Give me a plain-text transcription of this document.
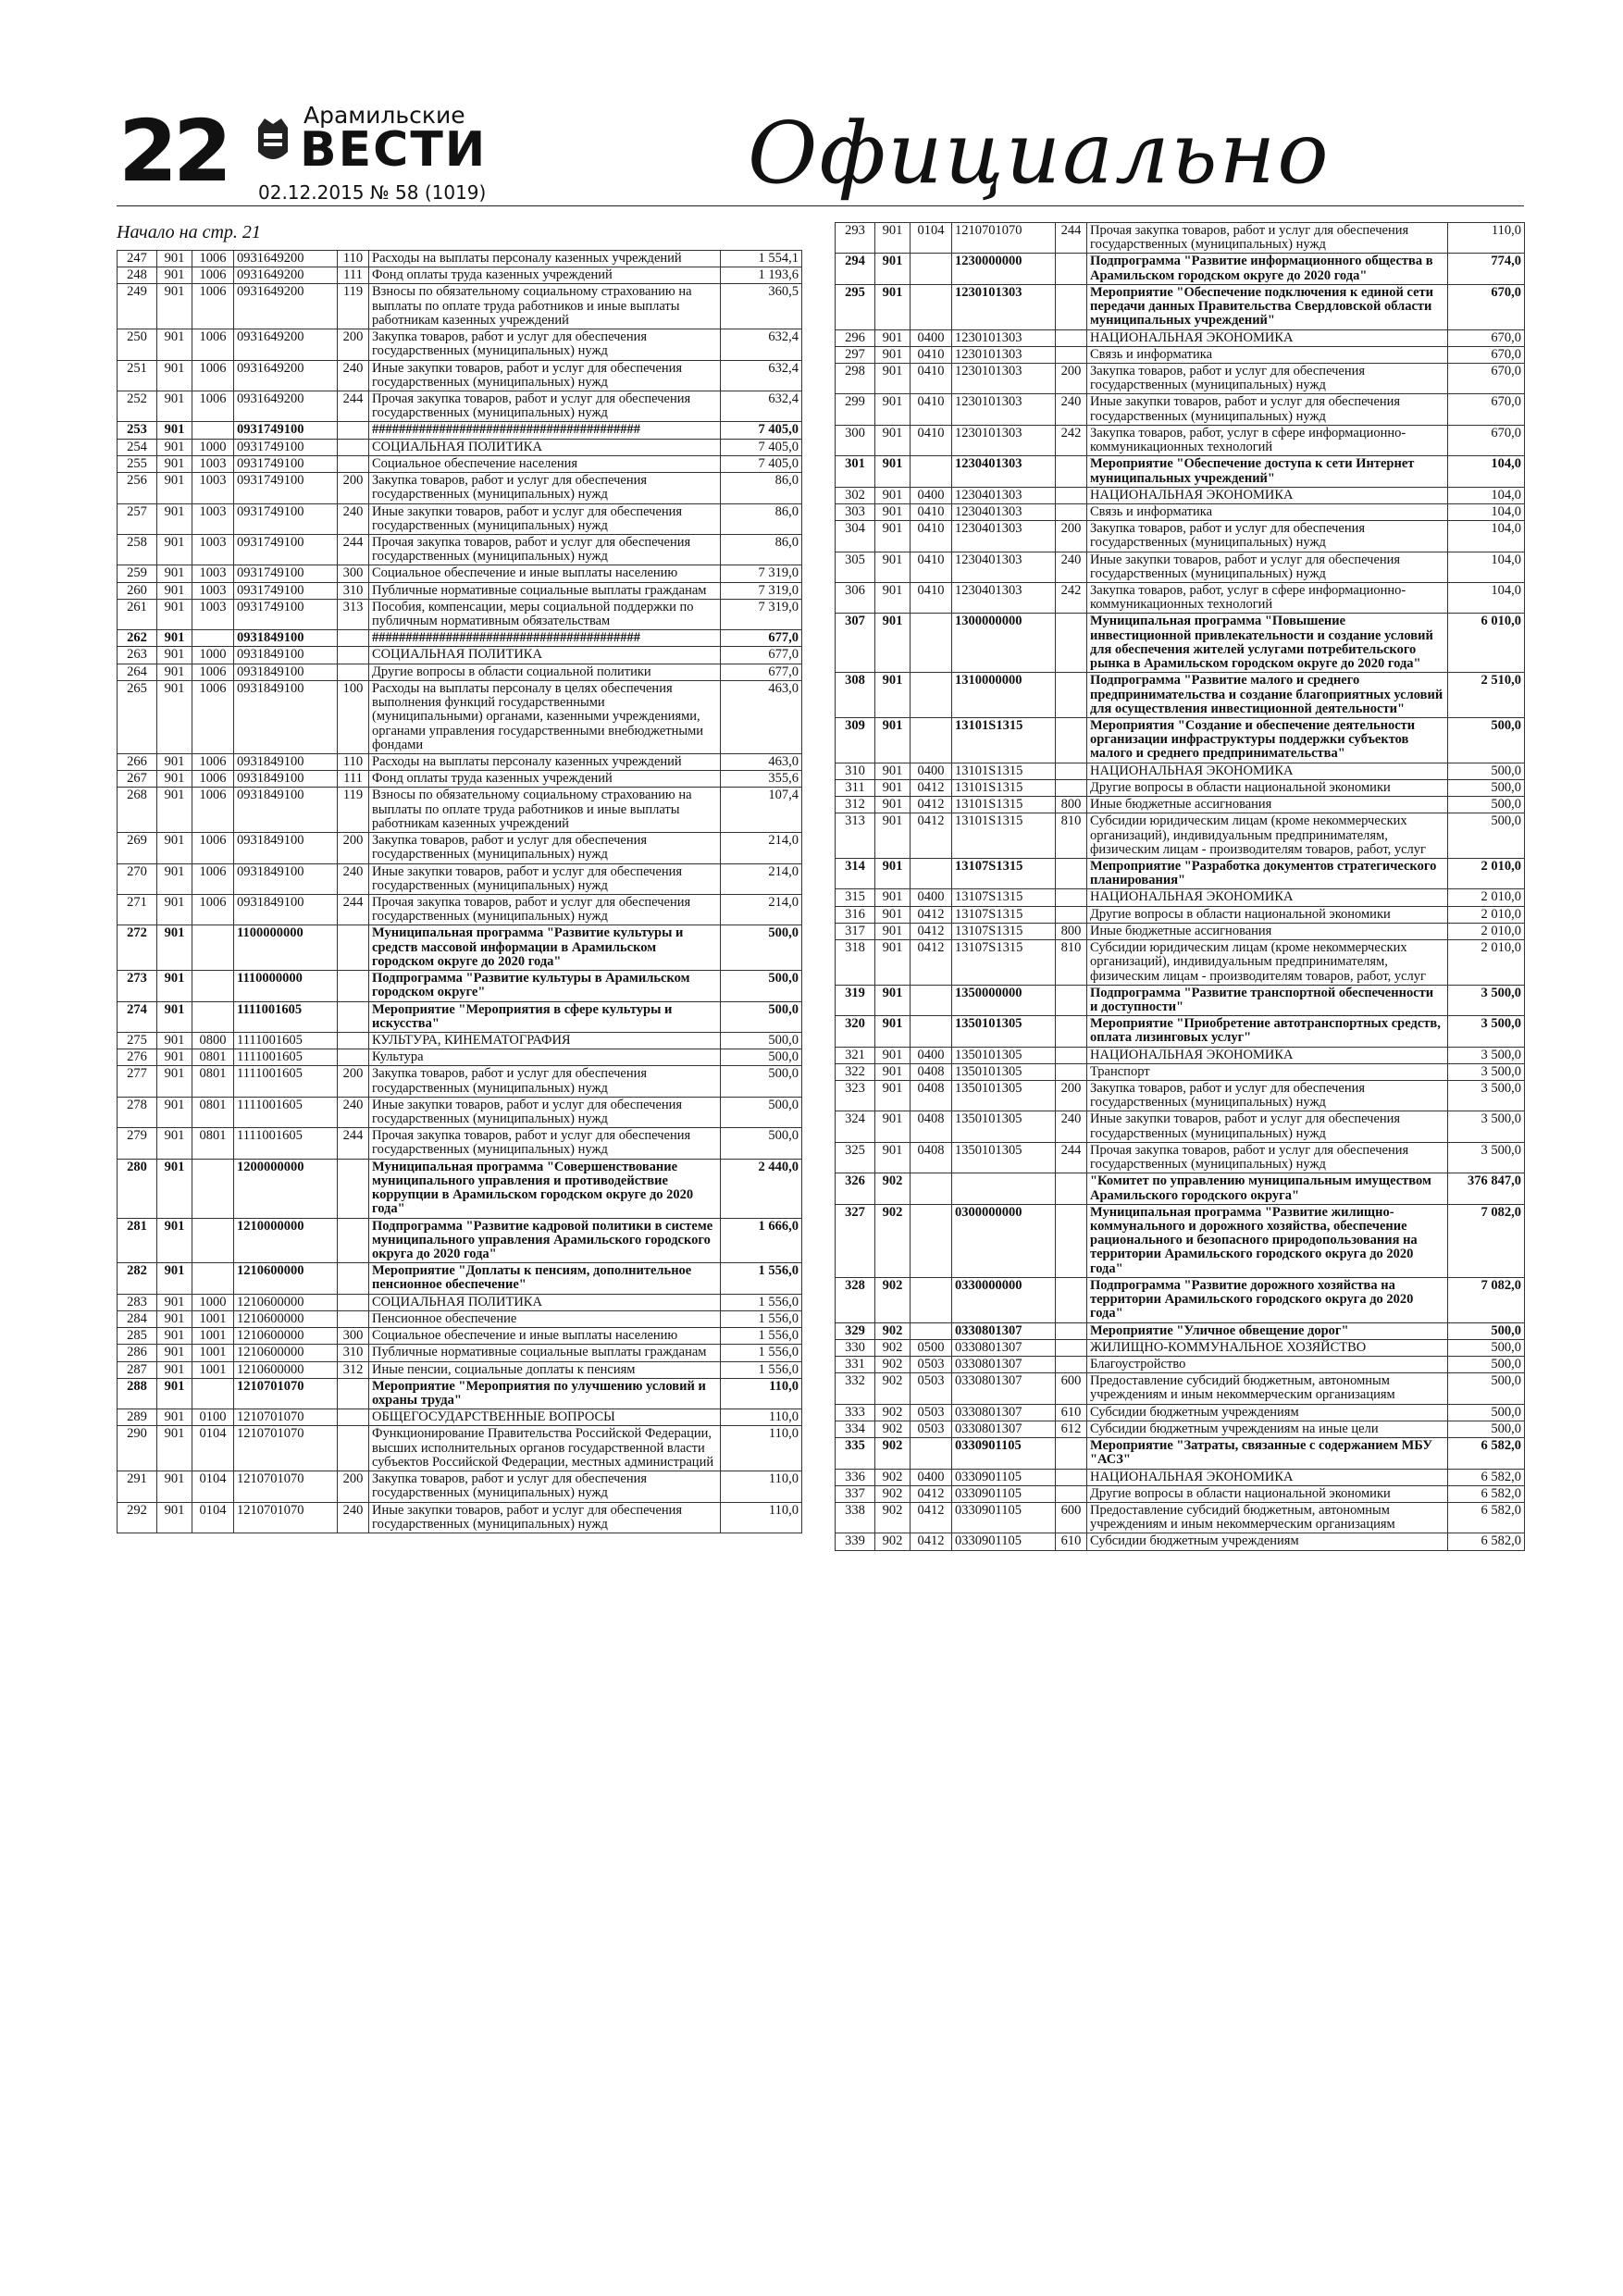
22	Арамильские
ВЕСТИ
02.12.2015 № 58 (1019)	Официально
Начало на стр. 21
247	901	1006	0931649200	110	Расходы на выплаты персоналу казенных учреждений	1 554,1
248	901	1006	0931649200	111	Фонд оплаты труда казенных учреждений	1 193,6
249	901	1006	0931649200	119	Взносы по обязательному социальному страхованию на выплаты по оплате труда работников и иные выплаты работникам казенных учреждений	360,5
250	901	1006	0931649200	200	Закупка товаров, работ и услуг для обеспечения государственных (муниципальных) нужд	632,4
251	901	1006	0931649200	240	Иные закупки товаров, работ и услуг для обеспечения государственных (муниципальных) нужд	632,4
252	901	1006	0931649200	244	Прочая закупка товаров, работ и услуг для обеспечения государственных (муниципальных) нужд	632,4
253	901		0931749100		########################################	7 405,0
254	901	1000	0931749100		СОЦИАЛЬНАЯ ПОЛИТИКА	7 405,0
255	901	1003	0931749100		Социальное обеспечение населения	7 405,0
256	901	1003	0931749100	200	Закупка товаров, работ и услуг для обеспечения государственных (муниципальных) нужд	86,0
257	901	1003	0931749100	240	Иные закупки товаров, работ и услуг для обеспечения государственных (муниципальных) нужд	86,0
258	901	1003	0931749100	244	Прочая закупка товаров, работ и услуг для обеспечения государственных (муниципальных) нужд	86,0
259	901	1003	0931749100	300	Социальное обеспечение и иные выплаты населению	7 319,0
260	901	1003	0931749100	310	Публичные нормативные социальные выплаты гражданам	7 319,0
261	901	1003	0931749100	313	Пособия, компенсации, меры социальной поддержки по публичным нормативным обязательствам	7 319,0
262	901		0931849100		########################################	677,0
263	901	1000	0931849100		СОЦИАЛЬНАЯ ПОЛИТИКА	677,0
264	901	1006	0931849100		Другие вопросы в области социальной политики	677,0
265	901	1006	0931849100	100	Расходы на выплаты персоналу в целях обеспечения выполнения функций государственными (муниципальными) органами, казенными учреждениями, органами управления государственными внебюджетными фондами	463,0
266	901	1006	0931849100	110	Расходы на выплаты персоналу казенных учреждений	463,0
267	901	1006	0931849100	111	Фонд оплаты труда казенных учреждений	355,6
268	901	1006	0931849100	119	Взносы по обязательному социальному страхованию на выплаты по оплате труда работников и иные выплаты работникам казенных учреждений	107,4
269	901	1006	0931849100	200	Закупка товаров, работ и услуг для обеспечения государственных (муниципальных) нужд	214,0
270	901	1006	0931849100	240	Иные закупки товаров, работ и услуг для обеспечения государственных (муниципальных) нужд	214,0
271	901	1006	0931849100	244	Прочая закупка товаров, работ и услуг для обеспечения государственных (муниципальных) нужд	214,0
272	901		1100000000		Муниципальная программа "Развитие культуры и средств массовой информации в Арамильском городском округе до 2020 года"	500,0
273	901		1110000000		Подпрограмма "Развитие культуры в Арамильском городском округе"	500,0
274	901		1111001605		Мероприятие "Мероприятия в сфере культуры и искусства"	500,0
275	901	0800	1111001605		КУЛЬТУРА, КИНЕМАТОГРАФИЯ	500,0
276	901	0801	1111001605		Культура	500,0
277	901	0801	1111001605	200	Закупка товаров, работ и услуг для обеспечения государственных (муниципальных) нужд	500,0
278	901	0801	1111001605	240	Иные закупки товаров, работ и услуг для обеспечения государственных (муниципальных) нужд	500,0
279	901	0801	1111001605	244	Прочая закупка товаров, работ и услуг для обеспечения государственных (муниципальных) нужд	500,0
280	901		1200000000		Муниципальная программа "Совершенствование муниципального управления и противодействие коррупции в Арамильском городском округе до 2020 года"	2 440,0
281	901		1210000000		Подпрограмма "Развитие кадровой политики в системе муниципального управления Арамильского городского округа до 2020 года"	1 666,0
282	901		1210600000		Мероприятие "Доплаты к пенсиям, дополнительное пенсионное обеспечение"	1 556,0
283	901	1000	1210600000		СОЦИАЛЬНАЯ ПОЛИТИКА	1 556,0
284	901	1001	1210600000		Пенсионное обеспечение	1 556,0
285	901	1001	1210600000	300	Социальное обеспечение и иные выплаты населению	1 556,0
286	901	1001	1210600000	310	Публичные нормативные социальные выплаты гражданам	1 556,0
287	901	1001	1210600000	312	Иные пенсии, социальные доплаты к пенсиям	1 556,0
288	901		1210701070		Мероприятие "Мероприятия по улучшению условий и охраны труда"	110,0
289	901	0100	1210701070		ОБЩЕГОСУДАРСТВЕННЫЕ ВОПРОСЫ	110,0
290	901	0104	1210701070		Функционирование Правительства Российской Федерации, высших исполнительных органов государственной власти субъектов Российской Федерации, местных администраций	110,0
291	901	0104	1210701070	200	Закупка товаров, работ и услуг для обеспечения государственных (муниципальных) нужд	110,0
292	901	0104	1210701070	240	Иные закупки товаров, работ и услуг для обеспечения государственных (муниципальных) нужд	110,0
293	901	0104	1210701070	244	Прочая закупка товаров, работ и услуг для обеспечения государственных (муниципальных) нужд	110,0
294	901		1230000000		Подпрограмма "Развитие информационного общества в Арамильском городском округе до 2020 года"	774,0
295	901		1230101303		Мероприятие "Обеспечение подключения к единой сети передачи данных Правительства Свердловской области муниципальных учреждений"	670,0
296	901	0400	1230101303		НАЦИОНАЛЬНАЯ ЭКОНОМИКА	670,0
297	901	0410	1230101303		Связь и информатика	670,0
298	901	0410	1230101303	200	Закупка товаров, работ и услуг для обеспечения государственных (муниципальных) нужд	670,0
299	901	0410	1230101303	240	Иные закупки товаров, работ и услуг для обеспечения государственных (муниципальных) нужд	670,0
300	901	0410	1230101303	242	Закупка товаров, работ, услуг в сфере информационно-коммуникационных технологий	670,0
301	901		1230401303		Мероприятие "Обеспечение доступа к сети Интернет муниципальных учреждений"	104,0
302	901	0400	1230401303		НАЦИОНАЛЬНАЯ ЭКОНОМИКА	104,0
303	901	0410	1230401303		Связь и информатика	104,0
304	901	0410	1230401303	200	Закупка товаров, работ и услуг для обеспечения государственных (муниципальных) нужд	104,0
305	901	0410	1230401303	240	Иные закупки товаров, работ и услуг для обеспечения государственных (муниципальных) нужд	104,0
306	901	0410	1230401303	242	Закупка товаров, работ, услуг в сфере информационно-коммуникационных технологий	104,0
307	901		1300000000		Муниципальная программа "Повышение инвестиционной привлекательности и создание условий для обеспечения жителей услугами потребительского рынка в Арамильском городском округе до 2020 года"	6 010,0
308	901		1310000000		Подпрограмма "Развитие малого и среднего предпринимательства и создание благоприятных условий для осуществления инвестиционной деятельности"	2 510,0
309	901		13101S1315		Мероприятия "Создание и обеспечение деятельности организации инфраструктуры поддержки субъектов малого и среднего предпринимательства"	500,0
310	901	0400	13101S1315		НАЦИОНАЛЬНАЯ ЭКОНОМИКА	500,0
311	901	0412	13101S1315		Другие вопросы в области национальной экономики	500,0
312	901	0412	13101S1315	800	Иные бюджетные ассигнования	500,0
313	901	0412	13101S1315	810	Субсидии юридическим лицам (кроме некоммерческих организаций), индивидуальным предпринимателям, физическим лицам - производителям товаров, работ, услуг	500,0
314	901		13107S1315		Мепроприятие "Разработка документов стратегического планирования"	2 010,0
315	901	0400	13107S1315		НАЦИОНАЛЬНАЯ ЭКОНОМИКА	2 010,0
316	901	0412	13107S1315		Другие вопросы в области национальной экономики	2 010,0
317	901	0412	13107S1315	800	Иные бюджетные ассигнования	2 010,0
318	901	0412	13107S1315	810	Субсидии юридическим лицам (кроме некоммерческих организаций), индивидуальным предпринимателям, физическим лицам - производителям товаров, работ, услуг	2 010,0
319	901		1350000000		Подпрограмма "Развитие транспортной обеспеченности и доступности"	3 500,0
320	901		1350101305		Мероприятие "Приобретение автотранспортных средств, оплата лизинговых услуг"	3 500,0
321	901	0400	1350101305		НАЦИОНАЛЬНАЯ ЭКОНОМИКА	3 500,0
322	901	0408	1350101305		Транспорт	3 500,0
323	901	0408	1350101305	200	Закупка товаров, работ и услуг для обеспечения государственных (муниципальных) нужд	3 500,0
324	901	0408	1350101305	240	Иные закупки товаров, работ и услуг для обеспечения государственных (муниципальных) нужд	3 500,0
325	901	0408	1350101305	244	Прочая закупка товаров, работ и услуг для обеспечения государственных (муниципальных) нужд	3 500,0
326	902				"Комитет по управлению муниципальным имуществом Арамильского городского округа"	376 847,0
327	902		0300000000		Муниципальная программа "Развитие жилищно-коммунального и дорожного хозяйства, обеспечение рационального и безопасного природопользования на территории Арамильского городского округа до 2020 года"	7 082,0
328	902		0330000000		Подпрограмма "Развитие дорожного хозяйства на территории Арамильского городского округа до 2020 года"	7 082,0
329	902		0330801307		Мероприятие "Уличное обвещение дорог"	500,0
330	902	0500	0330801307		ЖИЛИЩНО-КОММУНАЛЬНОЕ ХОЗЯЙСТВО	500,0
331	902	0503	0330801307		Благоустройство	500,0
332	902	0503	0330801307	600	Предоставление субсидий бюджетным, автономным учреждениям и иным некоммерческим организациям	500,0
333	902	0503	0330801307	610	Субсидии бюджетным учреждениям	500,0
334	902	0503	0330801307	612	Субсидии бюджетным учреждениям на иные цели	500,0
335	902		0330901105		Мероприятие "Затраты, связанные с содержанием МБУ "АСЗ"	6 582,0
336	902	0400	0330901105		НАЦИОНАЛЬНАЯ ЭКОНОМИКА	6 582,0
337	902	0412	0330901105		Другие вопросы в области национальной экономики	6 582,0
338	902	0412	0330901105	600	Предоставление субсидий бюджетным, автономным учреждениям и иным некоммерческим организациям	6 582,0
339	902	0412	0330901105	610	Субсидии бюджетным учреждениям	6 582,0
